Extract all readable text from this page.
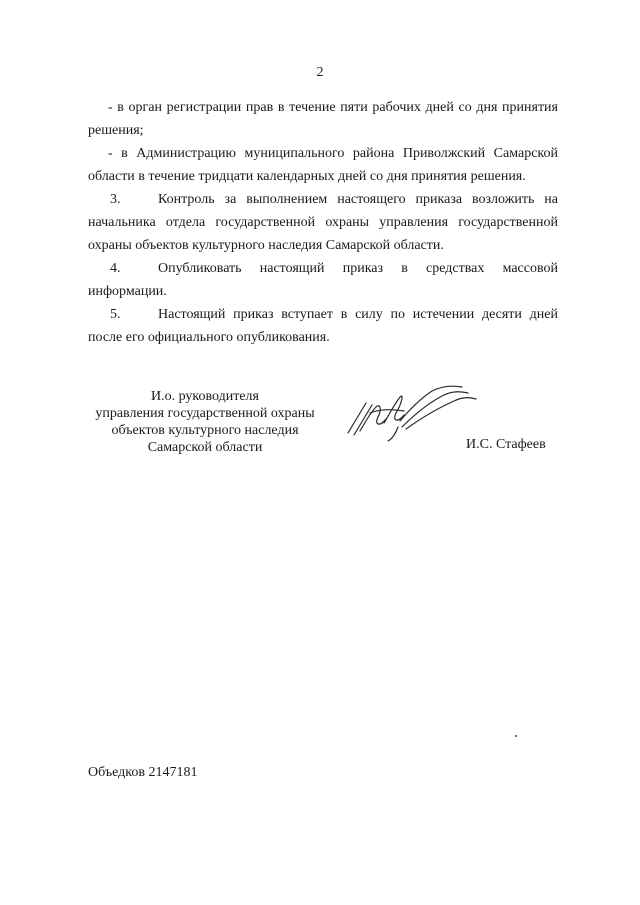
2

- в орган регистрации прав в течение пяти рабочих дней со дня принятия решения;

- в Администрацию муниципального района Приволжский Самарской области в течение тридцати календарных дней со дня принятия решения.

3.	Контроль за выполнением настоящего приказа возложить на начальника отдела государственной охраны управления государственной охраны объектов культурного наследия Самарской области.

4.	Опубликовать настоящий приказ в средствах массовой информации.

5.	Настоящий приказ вступает в силу по истечении десяти дней после его официального опубликования.

И.о. руководителя
управления государственной охраны
объектов культурного наследия
Самарской области	И.С. Стафеев
Объедков 2147181
